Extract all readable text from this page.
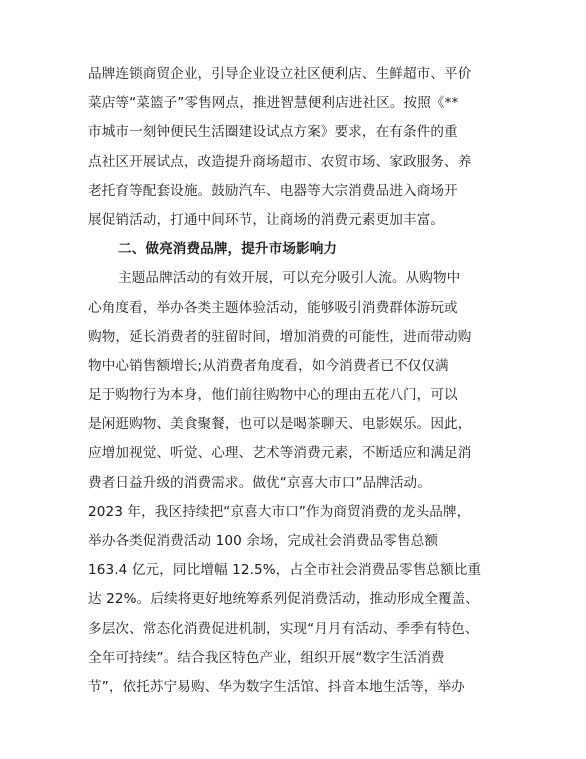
品牌连锁商贸企业，引导企业设立社区便利店、生鲜超市、平价
菜店等“菜篮子”零售网点，推进智慧便利店进社区。按照《**
市城市一刻钟便民生活圈建设试点方案》要求，在有条件的重
点社区开展试点，改造提升商场超市、农贸市场、家政服务、养
老托育等配套设施。鼓励汽车、电器等大宗消费品进入商场开
展促销活动，打通中间环节，让商场的消费元素更加丰富。
二、做亮消费品牌，提升市场影响力
主题品牌活动的有效开展，可以充分吸引人流。从购物中
心角度看，举办各类主题体验活动，能够吸引消费群体游玩或
购物，延长消费者的驻留时间，增加消费的可能性，进而带动购
物中心销售额增长;从消费者角度看，如今消费者已不仅仅满
足于购物行为本身，他们前往购物中心的理由五花八门，可以
是闲逛购物、美食聚餐，也可以是喝茶聊天、电影娱乐。因此，
应增加视觉、听觉、心理、艺术等消费元素，不断适应和满足消
费者日益升级的消费需求。做优“京喜大市口”品牌活动。
2023 年，我区持续把“京喜大市口”作为商贸消费的龙头品牌，
举办各类促消费活动 100 余场，完成社会消费品零售总额
163.4 亿元，同比增幅 12.5%，占全市社会消费品零售总额比重
达 22%。后续将更好地统筹系列促消费活动，推动形成全覆盖、
多层次、常态化消费促进机制，实现“月月有活动、季季有特色、
全年可持续”。结合我区特色产业，组织开展“数字生活消费
节”，依托苏宁易购、华为数字生活馆、抖音本地生活等，举办
